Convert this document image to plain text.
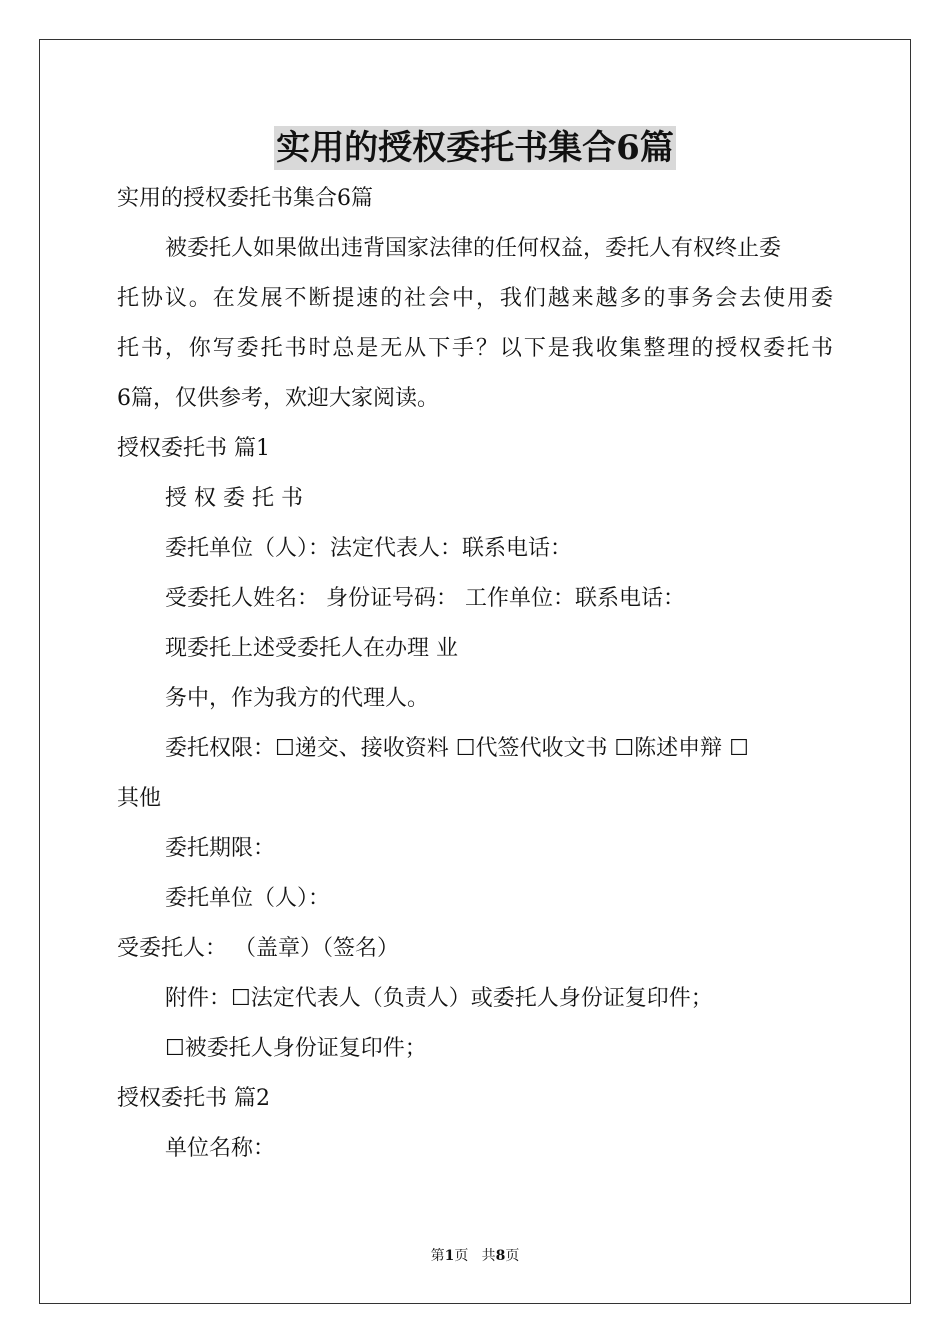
实用的授权委托书集合6篇
实用的授权委托书集合6篇
被委托人如果做出违背国家法律的任何权益，委托人有权终止委
托协议。在发展不断提速的社会中，我们越来越多的事务会去使用委
托书，你写委托书时总是无从下手？以下是我收集整理的授权委托书
6篇，仅供参考，欢迎大家阅读。
授权委托书 篇1
授 权 委 托 书
委托单位（人）：法定代表人：联系电话：
受委托人姓名： 身份证号码： 工作单位：联系电话：
现委托上述受委托人在办理 业
务中，作为我方的代理人。
委托权限：☐递交、接收资料 ☐代签代收文书 ☐陈述申辩 ☐
其他
委托期限：
委托单位（人）：
受委托人： （盖章）（签名）
附件：☐法定代表人（负责人）或委托人身份证复印件；
☐被委托人身份证复印件；
授权委托书 篇2
单位名称：
第1页   共8页
